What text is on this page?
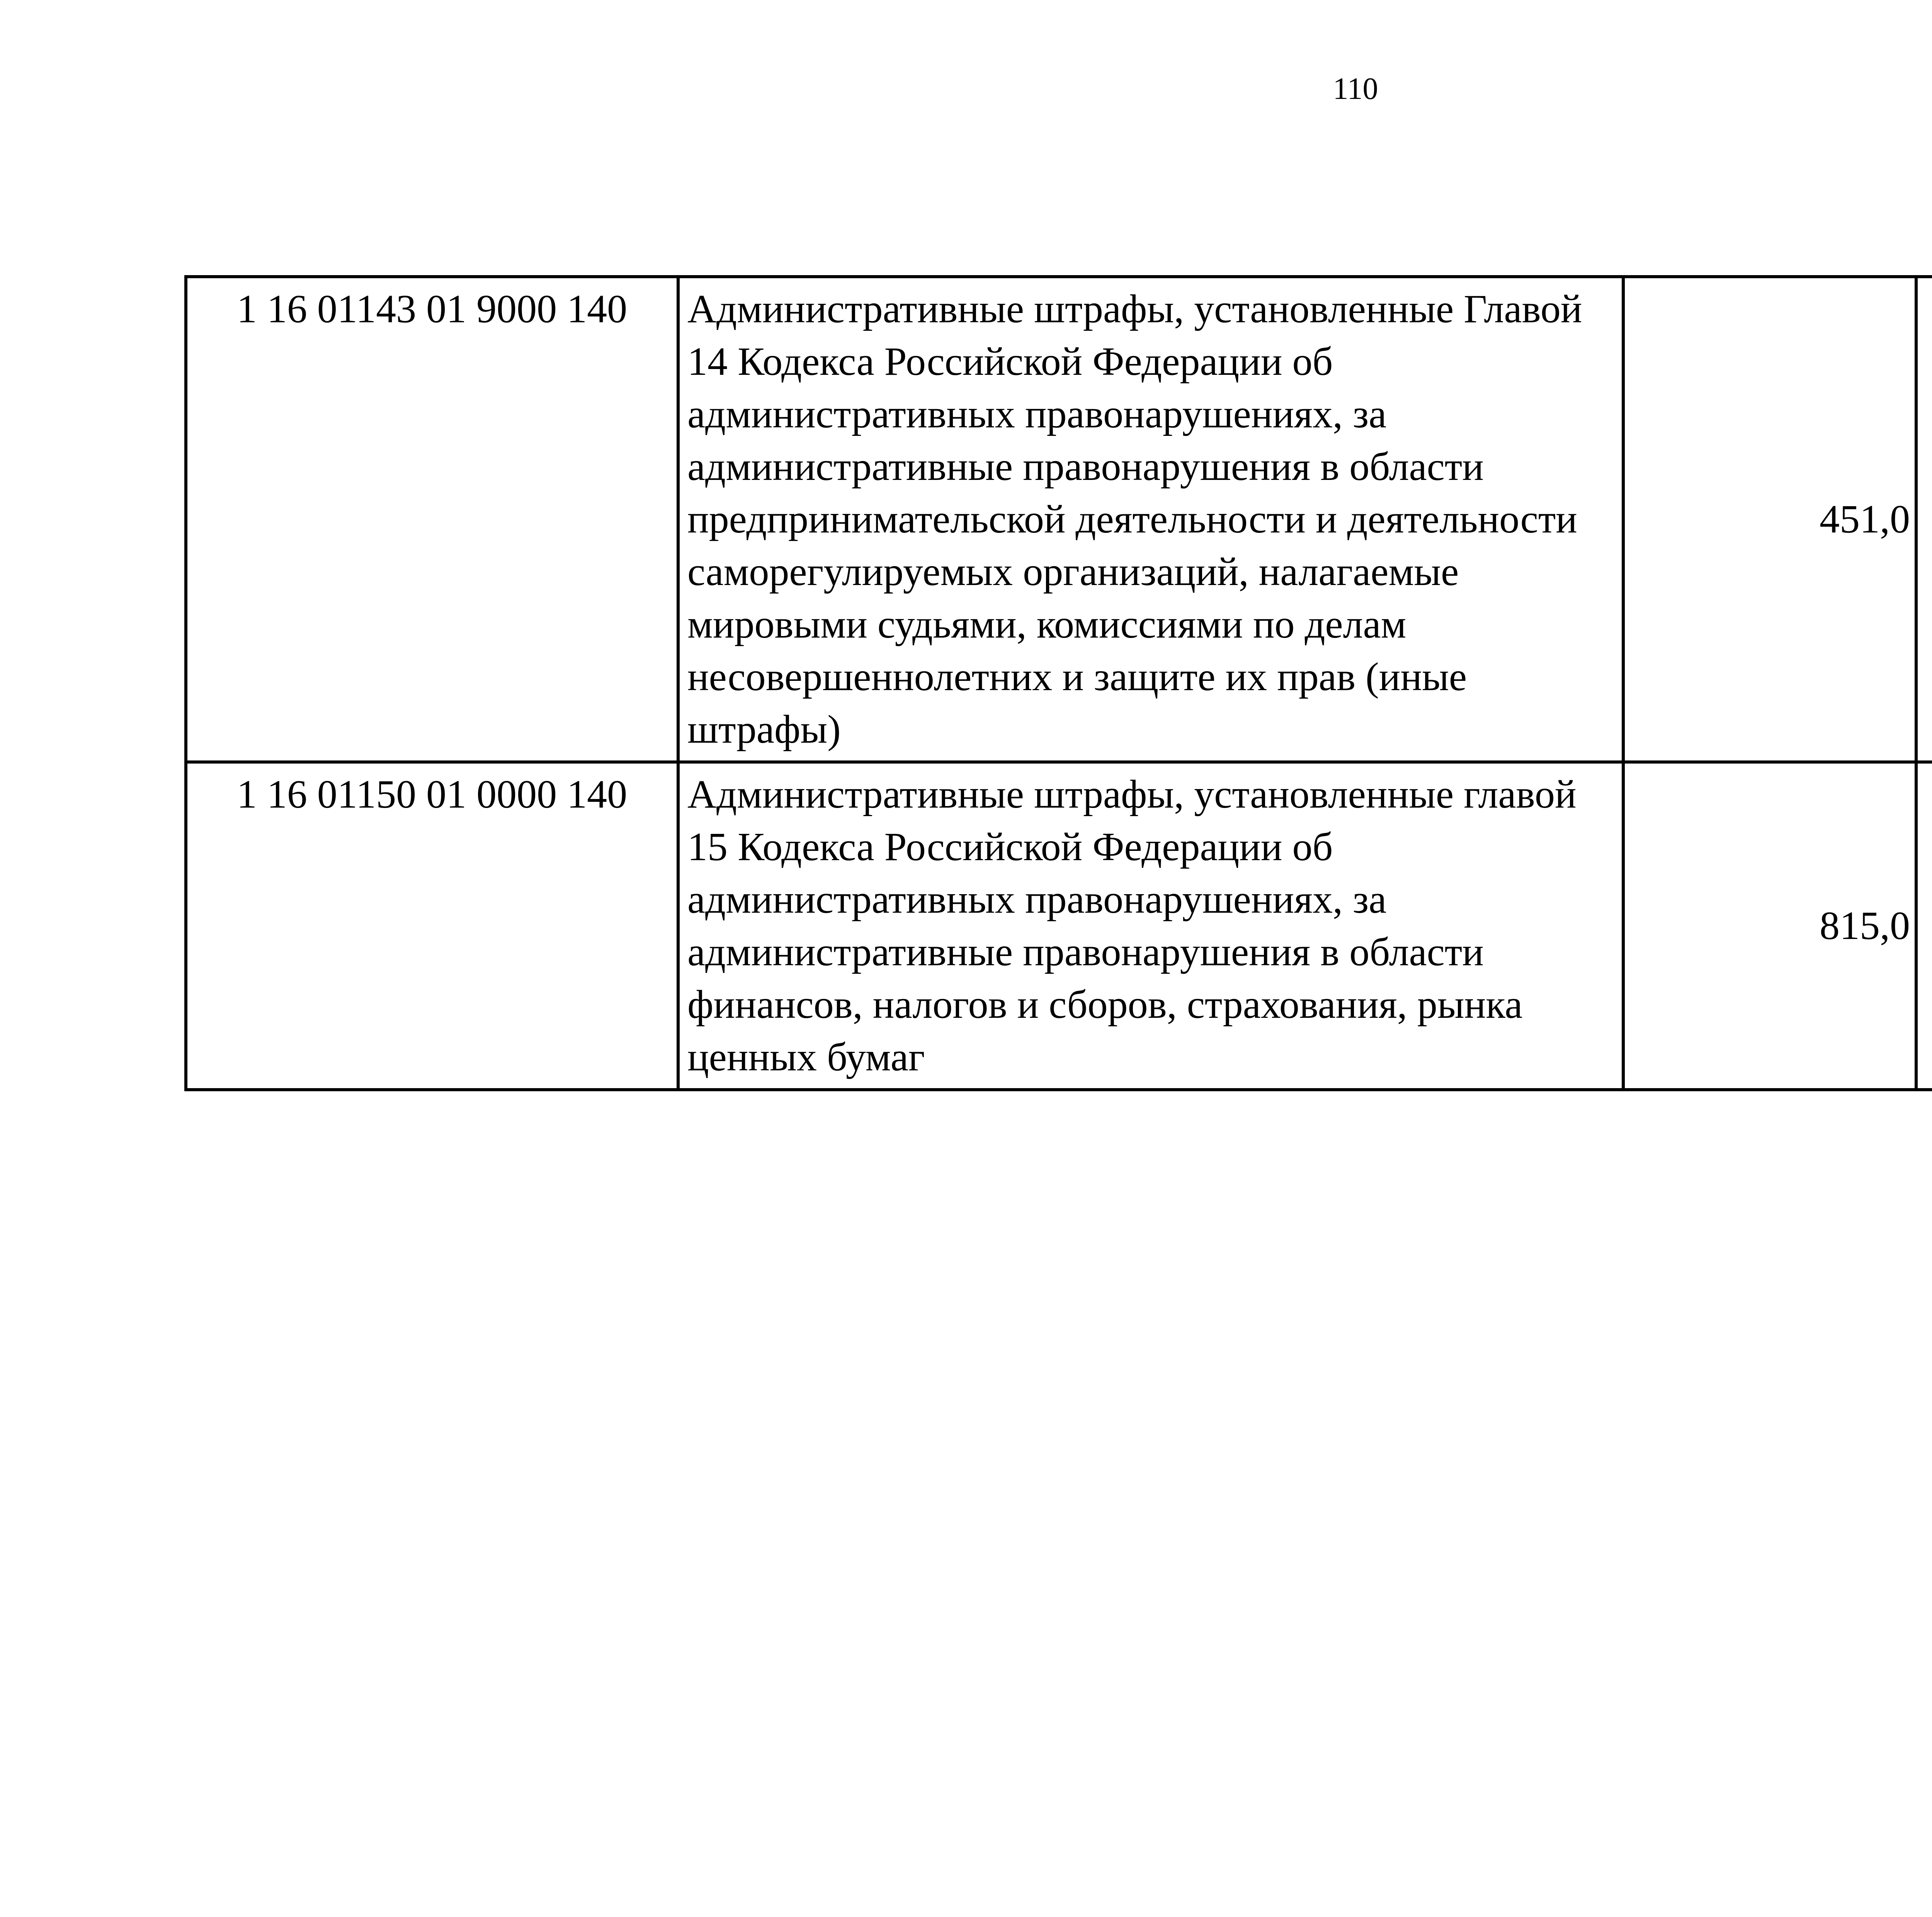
110
1 16 01143 01 9000 140	Административные штрафы, установленные Главой 14 Кодекса Российской Федерации об административных правонарушениях, за административные правонарушения в области предпринимательской деятельности и деятельности саморегулируемых организаций, налагаемые мировыми судьями, комиссиями по делам несовершеннолетних и защите их прав (иные штрафы)	451,0		
1 16 01150 01 0000 140	Административные штрафы, установленные главой 15 Кодекса Российской Федерации об административных правонарушениях, за административные правонарушения в области финансов, налогов и сборов, страхования, рынка ценных бумаг	815,0		
